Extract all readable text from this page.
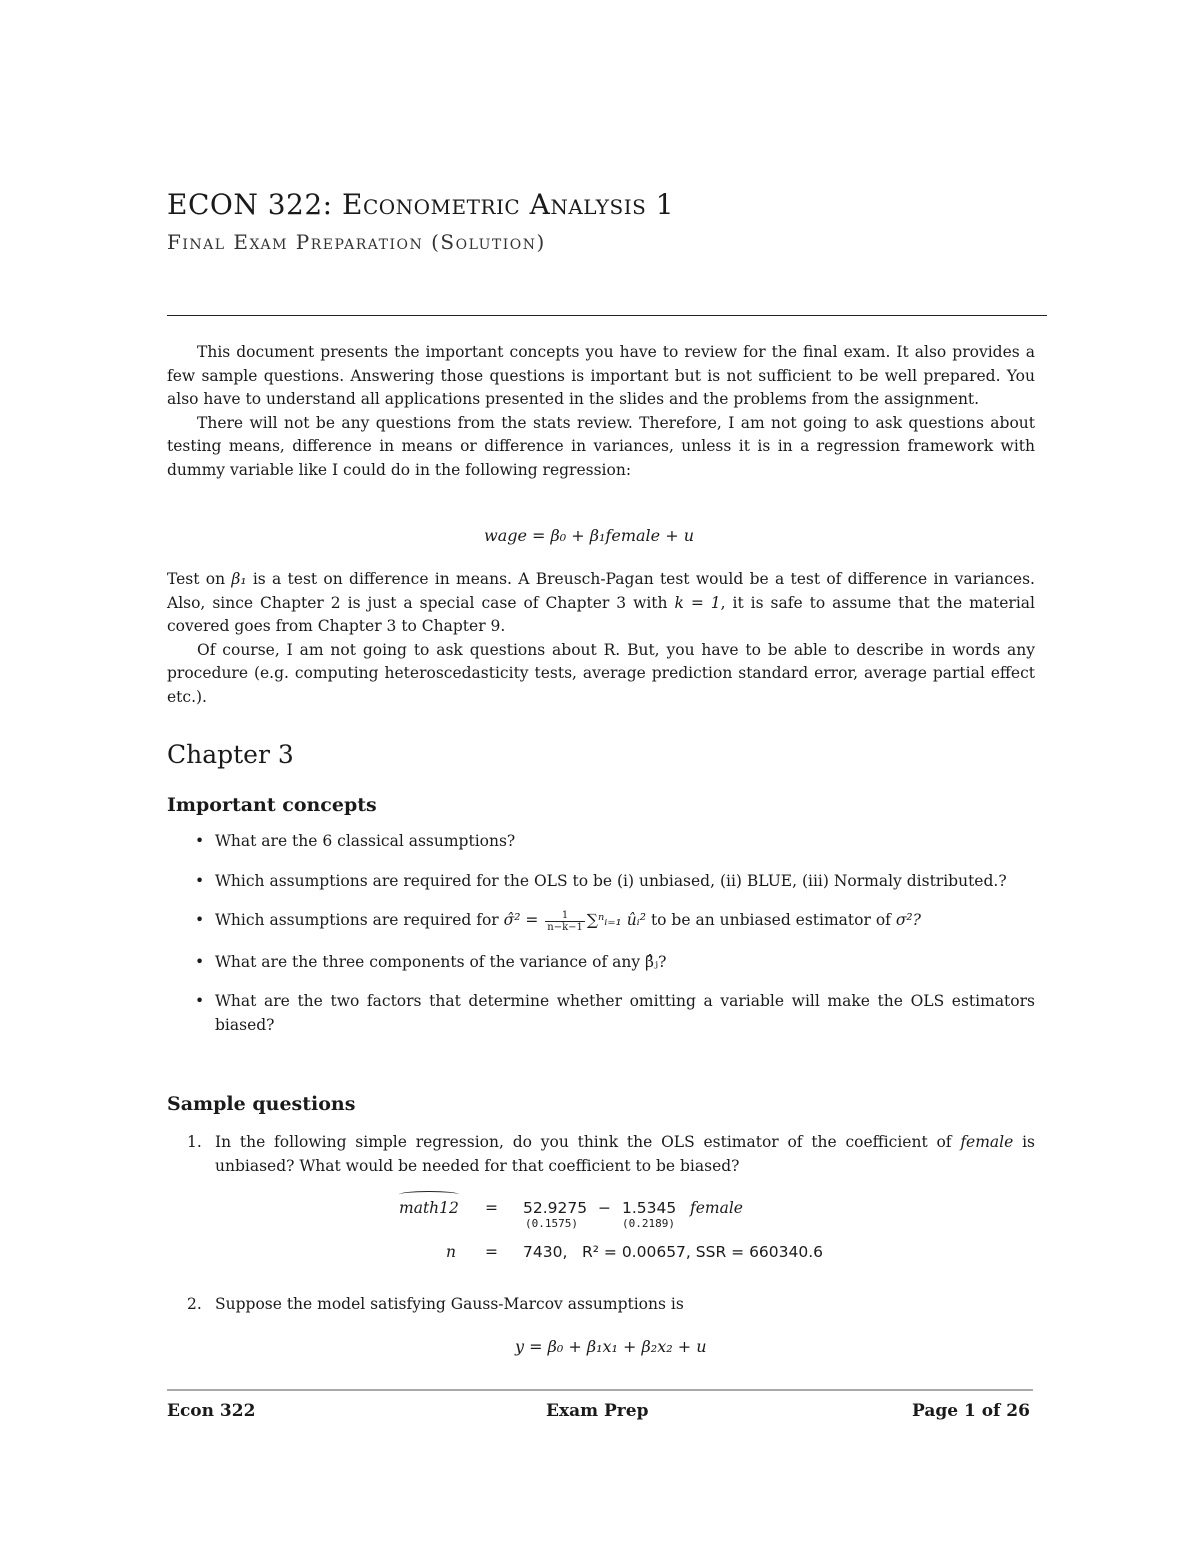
ECON 322: Econometric Analysis 1
Final Exam Preparation (Solution)

This document presents the important concepts you have to review for the final exam. It also provides a few sample questions. Answering those questions is important but is not sufficient to be well prepared. You also have to understand all applications presented in the slides and the problems from the assignment.

There will not be any questions from the stats review. Therefore, I am not going to ask questions about testing means, difference in means or difference in variances, unless it is in a regression framework with dummy variable like I could do in the following regression:

wage = β₀ + β₁female + u

Test on β₁ is a test on difference in means. A Breusch-Pagan test would be a test of difference in variances. Also, since Chapter 2 is just a special case of Chapter 3 with k = 1, it is safe to assume that the material covered goes from Chapter 3 to Chapter 9.

Of course, I am not going to ask questions about R. But, you have to be able to describe in words any procedure (e.g. computing heteroscedasticity tests, average prediction standard error, average partial effect etc.).

Chapter 3
Important concepts
• What are the 6 classical assumptions?
• Which assumptions are required for the OLS to be (i) unbiased, (ii) BLUE, (iii) Normaly distributed.?
• Which assumptions are required for σ̂² = $\frac{1}{n-k-1}$ ∑ⁿᵢ₌₁ ûᵢ² to be an unbiased estimator of σ²?
• What are the three components of the variance of any β̂ⱼ?
• What are the two factors that determine whether omitting a variable will make the OLS estimators biased?
Sample questions
1. In the following simple regression, do you think the OLS estimator of the coefficient of female is unbiased? What would be needed for that coefficient to be biased?
math12 = 52.9275 − 1.5345 female
(0.1575)	(0.2189)
n = 7430, R² = 0.00657, SSR = 660340.6
2. Suppose the model satisfying Gauss-Marcov assumptions is
y = β₀ + β₁x₁ + β₂x₂ + u
Econ 322	Exam Prep	Page 1 of 26
